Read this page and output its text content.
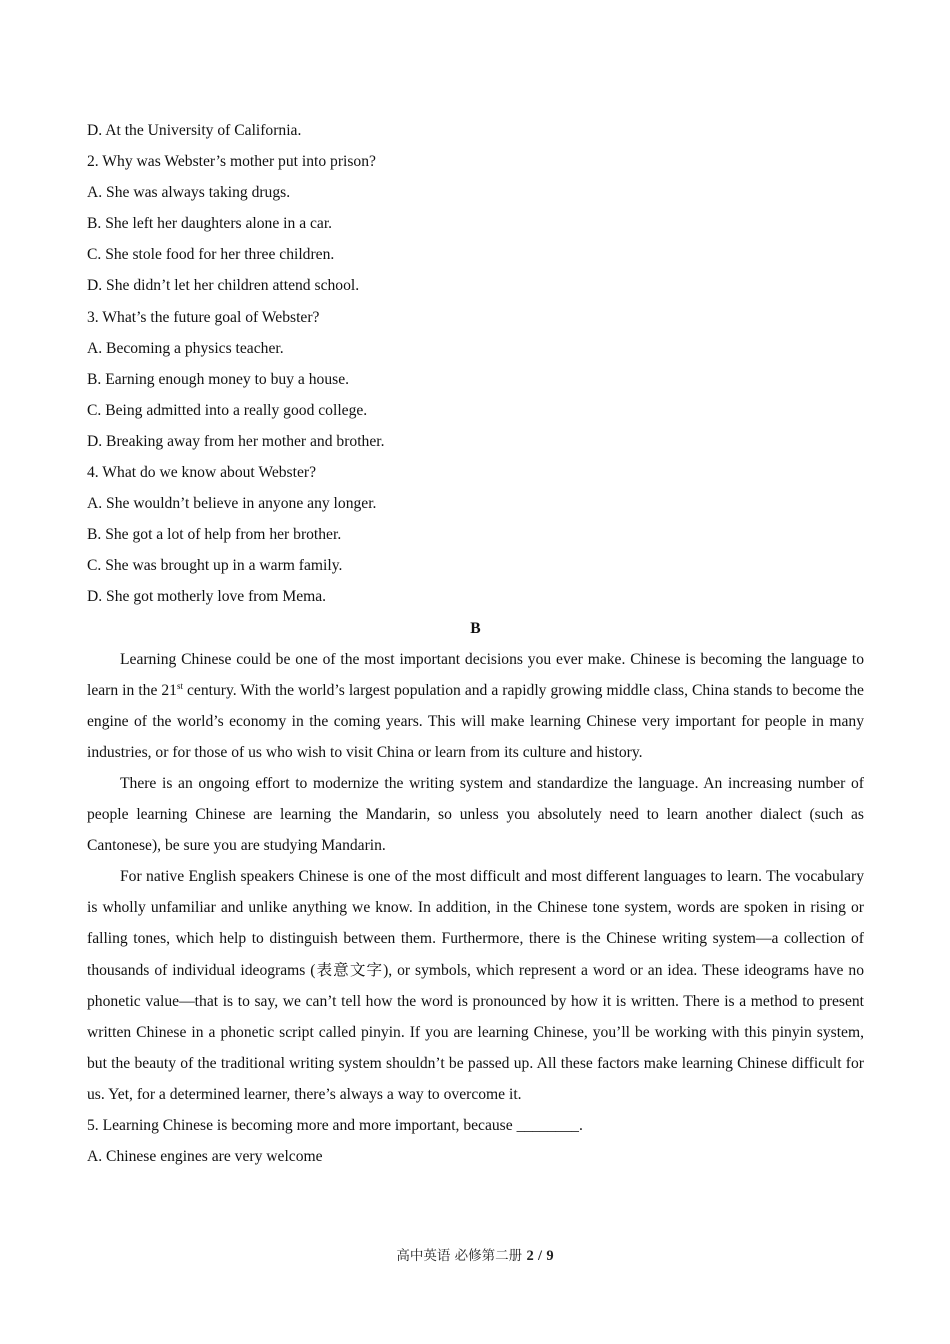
D. At the University of California.
2. Why was Webster’s mother put into prison?
A. She was always taking drugs.
B. She left her daughters alone in a car.
C. She stole food for her three children.
D. She didn’t let her children attend school.
3. What’s the future goal of Webster?
A. Becoming a physics teacher.
B. Earning enough money to buy a house.
C. Being admitted into a really good college.
D. Breaking away from her mother and brother.
4. What do we know about Webster?
A. She wouldn’t believe in anyone any longer.
B. She got a lot of help from her brother.
C. She was brought up in a warm family.
D. She got motherly love from Mema.
B

Learning Chinese could be one of the most important decisions you ever make. Chinese is becoming the language to learn in the 21st century. With the world’s largest population and a rapidly growing middle class, China stands to become the engine of the world’s economy in the coming years. This will make learning Chinese very important for people in many industries, or for those of us who wish to visit China or learn from its culture and history.

There is an ongoing effort to modernize the writing system and standardize the language. An increasing number of people learning Chinese are learning the Mandarin, so unless you absolutely need to learn another dialect (such as Cantonese), be sure you are studying Mandarin.

For native English speakers Chinese is one of the most difficult and most different languages to learn. The vocabulary is wholly unfamiliar and unlike anything we know. In addition, in the Chinese tone system, words are spoken in rising or falling tones, which help to distinguish between them. Furthermore, there is the Chinese writing system—a collection of thousands of individual ideograms (表意文字), or symbols, which represent a word or an idea. These ideograms have no phonetic value—that is to say, we can’t tell how the word is pronounced by how it is written. There is a method to present written Chinese in a phonetic script called pinyin. If you are learning Chinese, you’ll be working with this pinyin system, but the beauty of the traditional writing system shouldn’t be passed up. All these factors make learning Chinese difficult for us. Yet, for a determined learner, there’s always a way to overcome it.

5. Learning Chinese is becoming more and more important, because ________.
A. Chinese engines are very welcome
高中英语 必修第二册 2 / 9
